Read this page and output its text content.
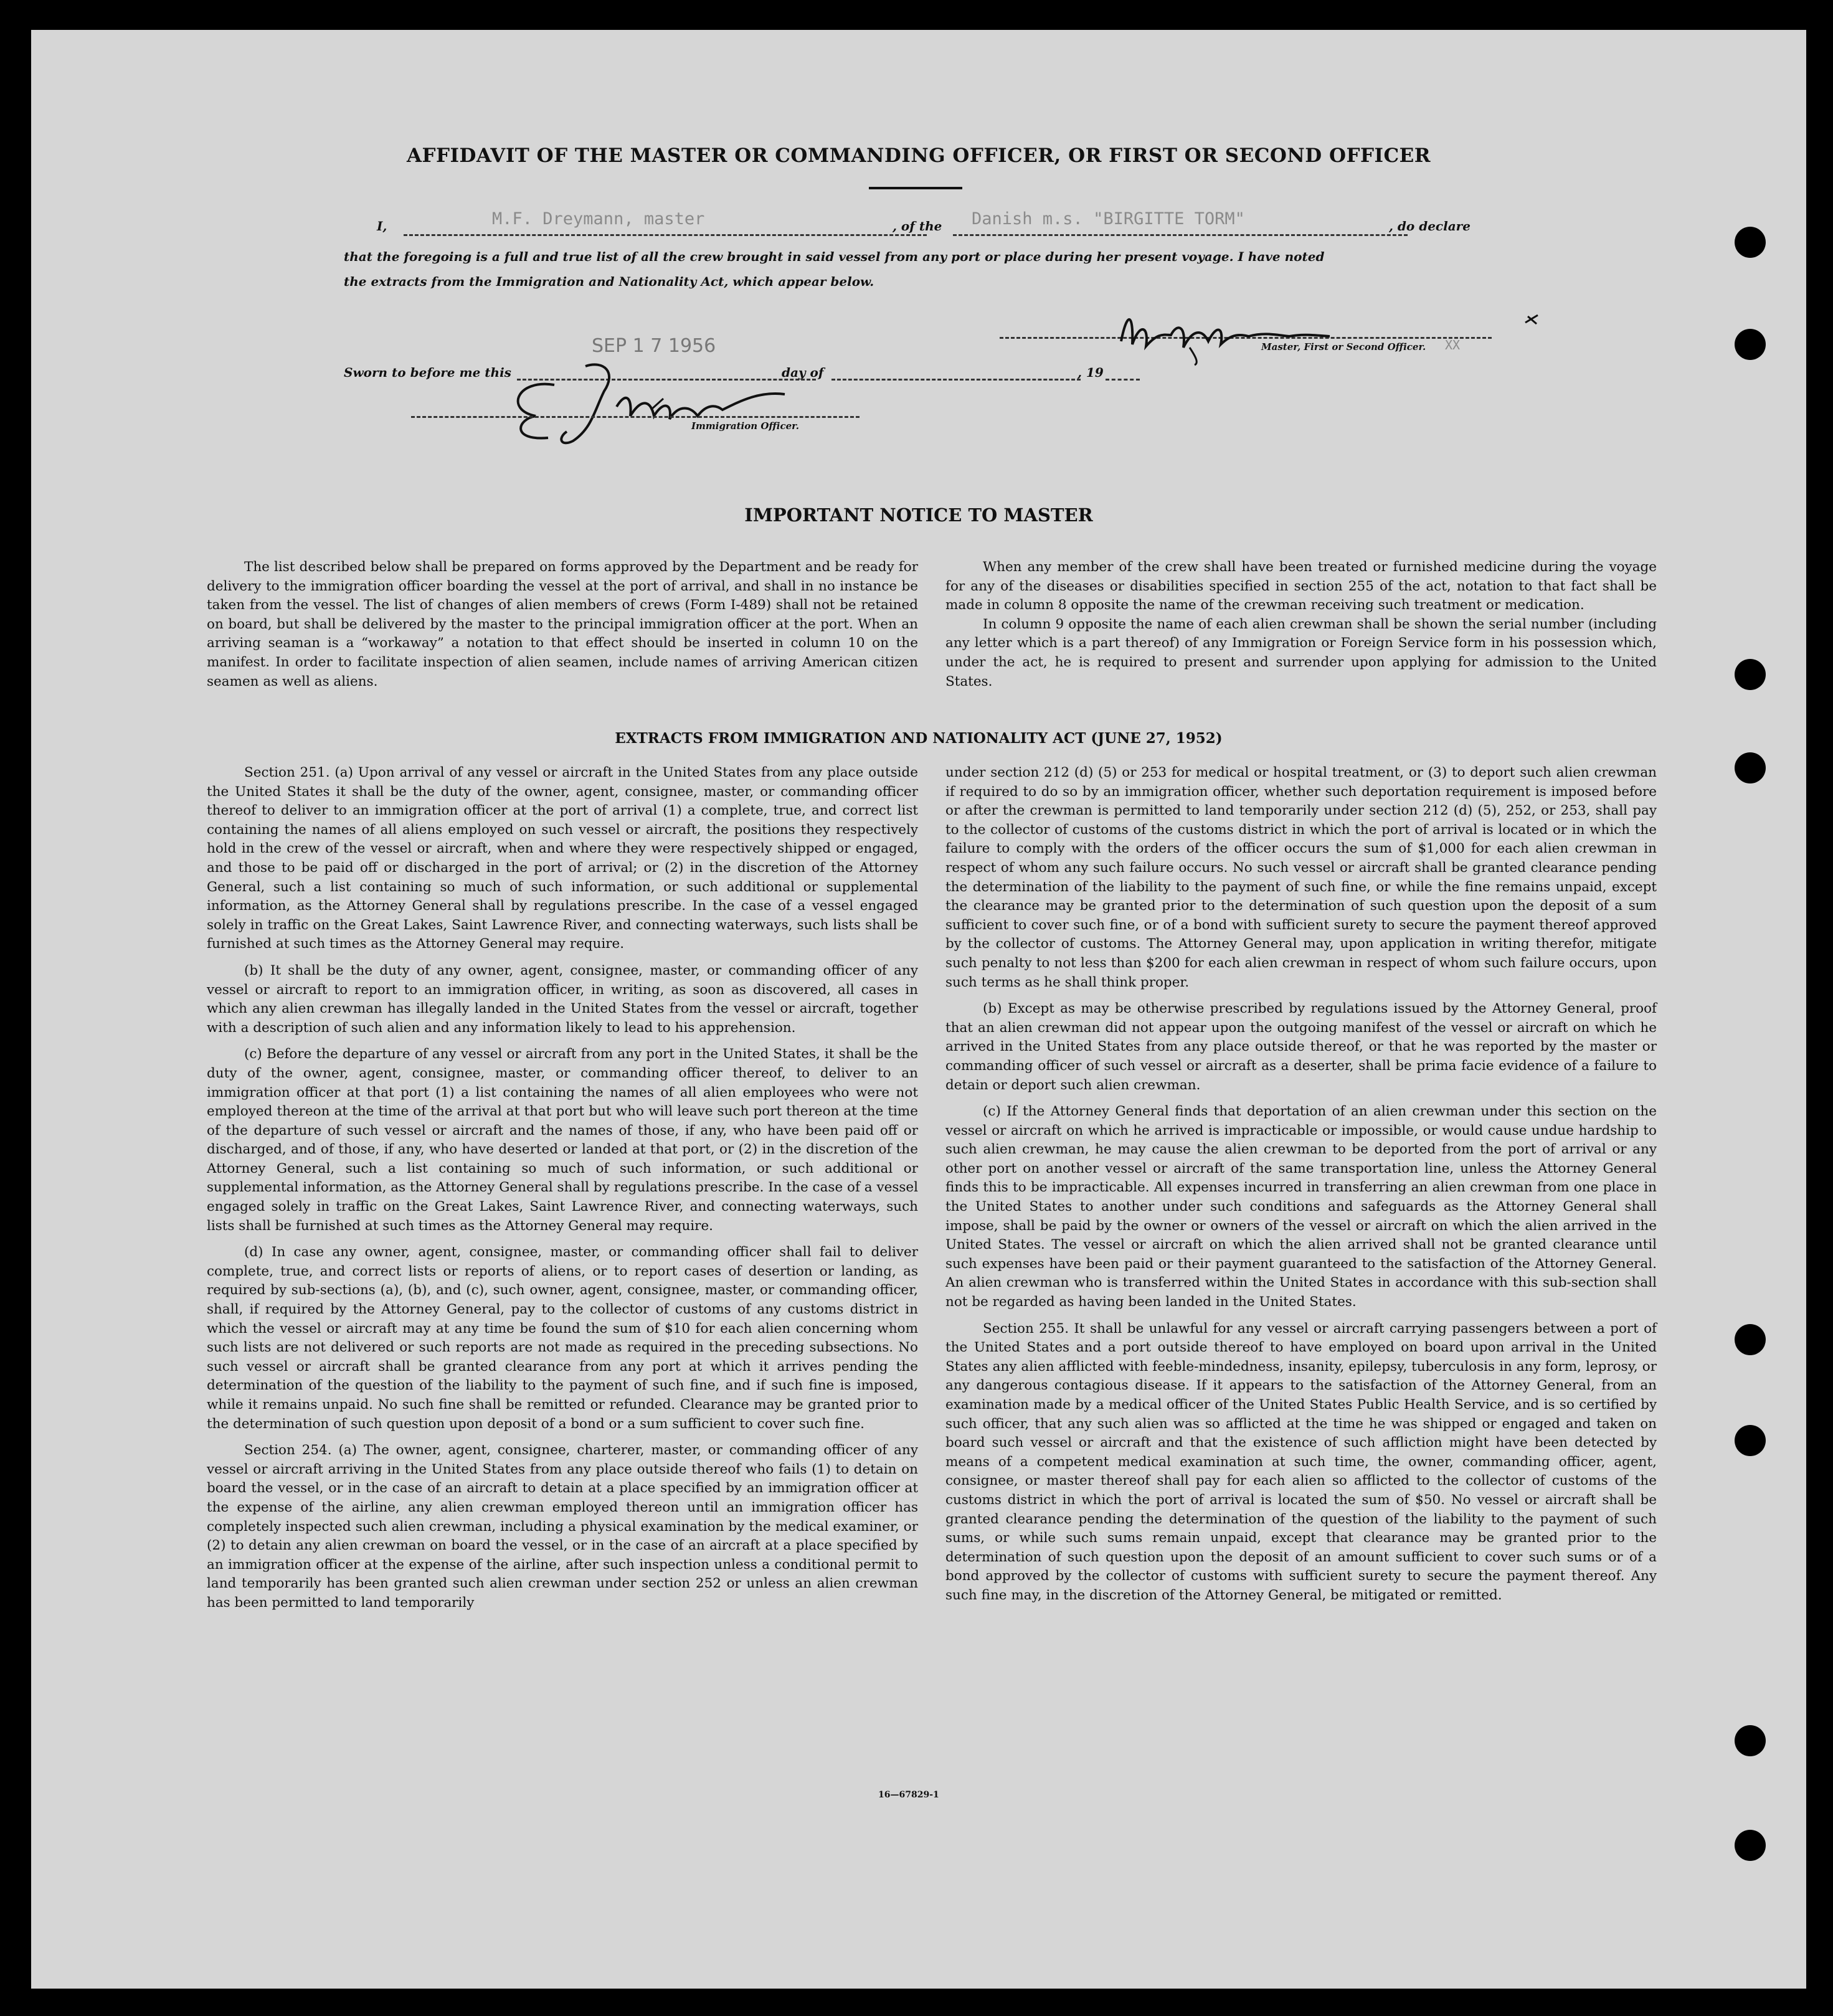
AFFIDAVIT OF THE MASTER OR COMMANDING OFFICER, OR FIRST OR SECOND OFFICER
I,	M.F. Dreymann, master	, of the Danish m.s. "BIRGITTE TORM"	, do declare
that the foregoing is a full and true list of all the crew brought in said vessel from any port or place during her present voyage. I have noted
the extracts from the Immigration and Nationality Act, which appear below.
Master, First or Second Officer. XX
SEP 1 7 1956
Sworn to before me this	day of	, 19
Immigration Officer.
IMPORTANT NOTICE TO MASTER

The list described below shall be prepared on forms approved by the Department and be ready for delivery to the immigration officer boarding the vessel at the port of arrival, and shall in no instance be taken from the vessel. The list of changes of alien members of crews (Form I-489) shall not be retained on board, but shall be delivered by the master to the principal immigration officer at the port. When an arriving seaman is a “workaway” a notation to that effect should be inserted in column 10 on the manifest. In order to facilitate inspection of alien seamen, include names of arriving American citizen seamen as well as aliens.

When any member of the crew shall have been treated or furnished medicine during the voyage for any of the diseases or disabilities specified in section 255 of the act, notation to that fact shall be made in column 8 opposite the name of the crewman receiving such treatment or medication.

In column 9 opposite the name of each alien crewman shall be shown the serial number (including any letter which is a part thereof) of any Immigration or Foreign Service form in his possession which, under the act, he is required to present and surrender upon applying for admission to the United States.

EXTRACTS FROM IMMIGRATION AND NATIONALITY ACT (JUNE 27, 1952)

Section 251. (a) Upon arrival of any vessel or aircraft in the United States from any place outside the United States it shall be the duty of the owner, agent, consignee, master, or commanding officer thereof to deliver to an immigration officer at the port of arrival (1) a complete, true, and correct list containing the names of all aliens employed on such vessel or aircraft, the positions they respectively hold in the crew of the vessel or aircraft, when and where they were respectively shipped or engaged, and those to be paid off or discharged in the port of arrival; or (2) in the discretion of the Attorney General, such a list containing so much of such information, or such additional or supplemental information, as the Attorney General shall by regulations prescribe. In the case of a vessel engaged solely in traffic on the Great Lakes, Saint Lawrence River, and connecting waterways, such lists shall be furnished at such times as the Attorney General may require.

(b) It shall be the duty of any owner, agent, consignee, master, or commanding officer of any vessel or aircraft to report to an immigration officer, in writing, as soon as discovered, all cases in which any alien crewman has illegally landed in the United States from the vessel or aircraft, together with a description of such alien and any information likely to lead to his apprehension.

(c) Before the departure of any vessel or aircraft from any port in the United States, it shall be the duty of the owner, agent, consignee, master, or commanding officer thereof, to deliver to an immigration officer at that port (1) a list containing the names of all alien employees who were not employed thereon at the time of the arrival at that port but who will leave such port thereon at the time of the departure of such vessel or aircraft and the names of those, if any, who have been paid off or discharged, and of those, if any, who have deserted or landed at that port, or (2) in the discretion of the Attorney General, such a list containing so much of such information, or such additional or supplemental information, as the Attorney General shall by regulations prescribe. In the case of a vessel engaged solely in traffic on the Great Lakes, Saint Lawrence River, and connecting waterways, such lists shall be furnished at such times as the Attorney General may require.

(d) In case any owner, agent, consignee, master, or commanding officer shall fail to deliver complete, true, and correct lists or reports of aliens, or to report cases of desertion or landing, as required by sub-sections (a), (b), and (c), such owner, agent, consignee, master, or commanding officer, shall, if required by the Attorney General, pay to the collector of customs of any customs district in which the vessel or aircraft may at any time be found the sum of $10 for each alien concerning whom such lists are not delivered or such reports are not made as required in the preceding subsections. No such vessel or aircraft shall be granted clearance from any port at which it arrives pending the determination of the question of the liability to the payment of such fine, and if such fine is imposed, while it remains unpaid. No such fine shall be remitted or refunded. Clearance may be granted prior to the determination of such question upon deposit of a bond or a sum sufficient to cover such fine.

Section 254. (a) The owner, agent, consignee, charterer, master, or commanding officer of any vessel or aircraft arriving in the United States from any place outside thereof who fails (1) to detain on board the vessel, or in the case of an aircraft to detain at a place specified by an immigration officer at the expense of the airline, any alien crewman employed thereon until an immigration officer has completely inspected such alien crewman, including a physical examination by the medical examiner, or (2) to detain any alien crewman on board the vessel, or in the case of an aircraft at a place specified by an immigration officer at the expense of the airline, after such inspection unless a conditional permit to land temporarily has been granted such alien crewman under section 252 or unless an alien crewman has been permitted to land temporarily

under section 212 (d) (5) or 253 for medical or hospital treatment, or (3) to deport such alien crewman if required to do so by an immigration officer, whether such deportation requirement is imposed before or after the crewman is permitted to land temporarily under section 212 (d) (5), 252, or 253, shall pay to the collector of customs of the customs district in which the port of arrival is located or in which the failure to comply with the orders of the officer occurs the sum of $1,000 for each alien crewman in respect of whom any such failure occurs. No such vessel or aircraft shall be granted clearance pending the determination of the liability to the payment of such fine, or while the fine remains unpaid, except the clearance may be granted prior to the determination of such question upon the deposit of a sum sufficient to cover such fine, or of a bond with sufficient surety to secure the payment thereof approved by the collector of customs. The Attorney General may, upon application in writing therefor, mitigate such penalty to not less than $200 for each alien crewman in respect of whom such failure occurs, upon such terms as he shall think proper.

(b) Except as may be otherwise prescribed by regulations issued by the Attorney General, proof that an alien crewman did not appear upon the outgoing manifest of the vessel or aircraft on which he arrived in the United States from any place outside thereof, or that he was reported by the master or commanding officer of such vessel or aircraft as a deserter, shall be prima facie evidence of a failure to detain or deport such alien crewman.

(c) If the Attorney General finds that deportation of an alien crewman under this section on the vessel or aircraft on which he arrived is impracticable or impossible, or would cause undue hardship to such alien crewman, he may cause the alien crewman to be deported from the port of arrival or any other port on another vessel or aircraft of the same transportation line, unless the Attorney General finds this to be impracticable. All expenses incurred in transferring an alien crewman from one place in the United States to another under such conditions and safeguards as the Attorney General shall impose, shall be paid by the owner or owners of the vessel or aircraft on which the alien arrived in the United States. The vessel or aircraft on which the alien arrived shall not be granted clearance until such expenses have been paid or their payment guaranteed to the satisfaction of the Attorney General. An alien crewman who is transferred within the United States in accordance with this sub-section shall not be regarded as having been landed in the United States.

Section 255. It shall be unlawful for any vessel or aircraft carrying passengers between a port of the United States and a port outside thereof to have employed on board upon arrival in the United States any alien afflicted with feeble-mindedness, insanity, epilepsy, tuberculosis in any form, leprosy, or any dangerous contagious disease. If it appears to the satisfaction of the Attorney General, from an examination made by a medical officer of the United States Public Health Service, and is so certified by such officer, that any such alien was so afflicted at the time he was shipped or engaged and taken on board such vessel or aircraft and that the existence of such affliction might have been detected by means of a competent medical examination at such time, the owner, commanding officer, agent, consignee, or master thereof shall pay for each alien so afflicted to the collector of customs of the customs district in which the port of arrival is located the sum of $50. No vessel or aircraft shall be granted clearance pending the determination of the question of the liability to the payment of such sums, or while such sums remain unpaid, except that clearance may be granted prior to the determination of such question upon the deposit of an amount sufficient to cover such sums or of a bond approved by the collector of customs with sufficient surety to secure the payment thereof. Any such fine may, in the discretion of the Attorney General, be mitigated or remitted.

16—67829-1
